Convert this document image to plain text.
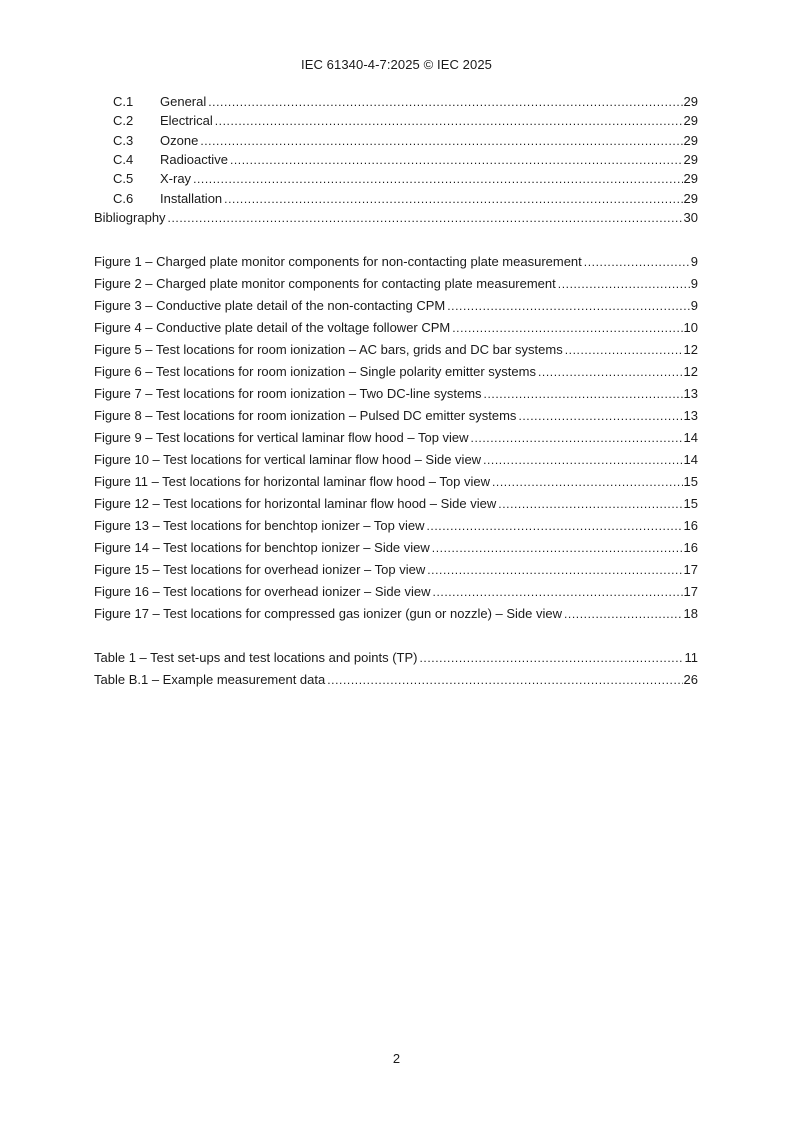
IEC 61340-4-7:2025 © IEC 2025
C.1	General .....	29
C.2	Electrical .....	29
C.3	Ozone .....	29
C.4	Radioactive .....	29
C.5	X-ray .....	29
C.6	Installation .....	29
Bibliography .....	30
Figure 1 – Charged plate monitor components for non-contacting plate measurement .....	9
Figure 2 – Charged plate monitor components for contacting plate measurement .....	9
Figure 3 – Conductive plate detail of the non-contacting CPM .....	9
Figure 4 – Conductive plate detail of the voltage follower CPM .....	10
Figure 5 – Test locations for room ionization – AC bars, grids and DC bar systems .....	12
Figure 6 – Test locations for room ionization – Single polarity emitter systems .....	12
Figure 7 – Test locations for room ionization – Two DC-line systems .....	13
Figure 8 – Test locations for room ionization – Pulsed DC emitter systems .....	13
Figure 9 – Test locations for vertical laminar flow hood – Top view .....	14
Figure 10 – Test locations for vertical laminar flow hood – Side view .....	14
Figure 11 – Test locations for horizontal laminar flow hood – Top view .....	15
Figure 12 – Test locations for horizontal laminar flow hood – Side view .....	15
Figure 13 – Test locations for benchtop ionizer – Top view .....	16
Figure 14 – Test locations for benchtop ionizer – Side view .....	16
Figure 15 – Test locations for overhead ionizer – Top view .....	17
Figure 16 – Test locations for overhead ionizer – Side view .....	17
Figure 17 – Test locations for compressed gas ionizer (gun or nozzle) – Side view .....	18
Table 1 – Test set-ups and test locations and points (TP) .....	11
Table B.1 – Example measurement data .....	26
2
